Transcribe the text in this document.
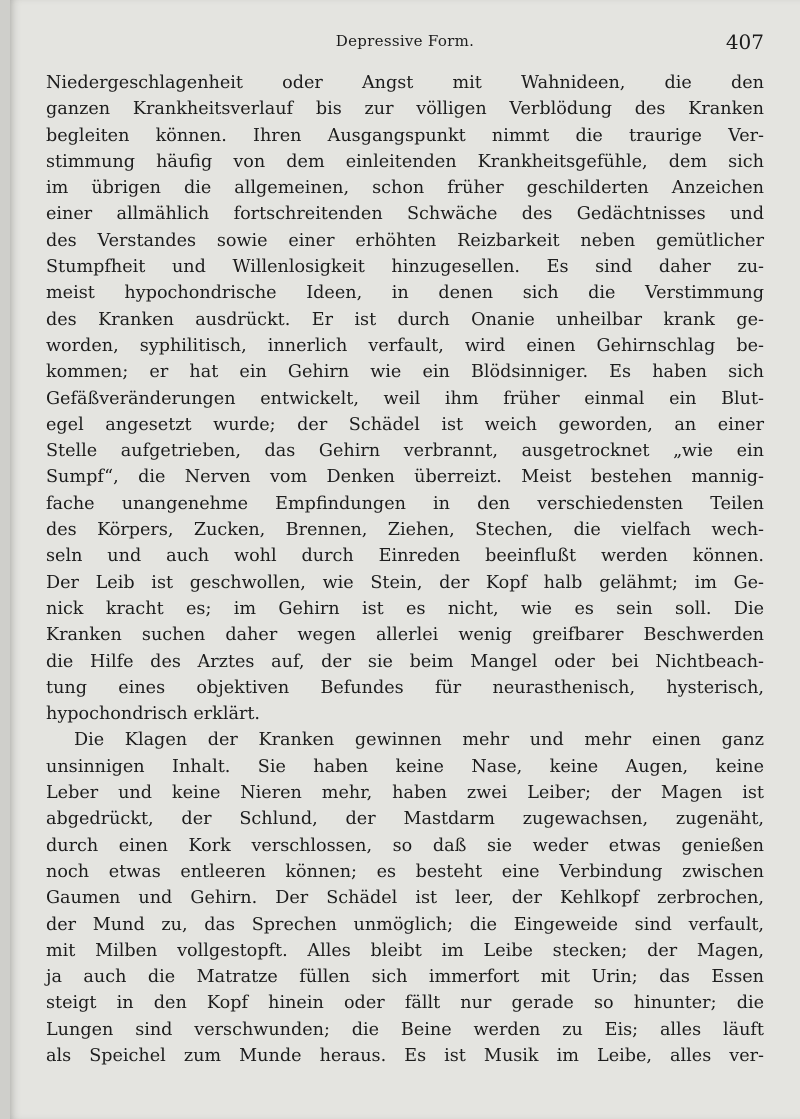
Depressive Form.	407

Niedergeschlagenheit oder Angst mit Wahnideen, die den
ganzen Krankheitsverlauf bis zur völligen Verblödung des Kranken
begleiten können. Ihren Ausgangspunkt nimmt die traurige Ver-
stimmung häufig von dem einleitenden Krankheitsgefühle, dem sich
im übrigen die allgemeinen, schon früher geschilderten Anzeichen
einer allmählich fortschreitenden Schwäche des Gedächtnisses und
des Verstandes sowie einer erhöhten Reizbarkeit neben gemütlicher
Stumpfheit und Willenlosigkeit hinzugesellen. Es sind daher zu-
meist hypochondrische Ideen, in denen sich die Verstimmung
des Kranken ausdrückt. Er ist durch Onanie unheilbar krank ge-
worden, syphilitisch, innerlich verfault, wird einen Gehirnschlag be-
kommen; er hat ein Gehirn wie ein Blödsinniger. Es haben sich
Gefäßveränderungen entwickelt, weil ihm früher einmal ein Blut-
egel angesetzt wurde; der Schädel ist weich geworden, an einer
Stelle aufgetrieben, das Gehirn verbrannt, ausgetrocknet „wie ein
Sumpf“, die Nerven vom Denken überreizt. Meist bestehen mannig-
fache unangenehme Empfindungen in den verschiedensten Teilen
des Körpers, Zucken, Brennen, Ziehen, Stechen, die vielfach wech-
seln und auch wohl durch Einreden beeinflußt werden können.
Der Leib ist geschwollen, wie Stein, der Kopf halb gelähmt; im Ge-
nick kracht es; im Gehirn ist es nicht, wie es sein soll. Die
Kranken suchen daher wegen allerlei wenig greifbarer Beschwerden
die Hilfe des Arztes auf, der sie beim Mangel oder bei Nichtbeach-
tung eines objektiven Befundes für neurasthenisch, hysterisch,
hypochondrisch erklärt.

Die Klagen der Kranken gewinnen mehr und mehr einen ganz
unsinnigen Inhalt. Sie haben keine Nase, keine Augen, keine
Leber und keine Nieren mehr, haben zwei Leiber; der Magen ist
abgedrückt, der Schlund, der Mastdarm zugewachsen, zugenäht,
durch einen Kork verschlossen, so daß sie weder etwas genießen
noch etwas entleeren können; es besteht eine Verbindung zwischen
Gaumen und Gehirn. Der Schädel ist leer, der Kehlkopf zerbrochen,
der Mund zu, das Sprechen unmöglich; die Eingeweide sind verfault,
mit Milben vollgestopft. Alles bleibt im Leibe stecken; der Magen,
ja auch die Matratze füllen sich immerfort mit Urin; das Essen
steigt in den Kopf hinein oder fällt nur gerade so hinunter; die
Lungen sind verschwunden; die Beine werden zu Eis; alles läuft
als Speichel zum Munde heraus. Es ist Musik im Leibe, alles ver-
